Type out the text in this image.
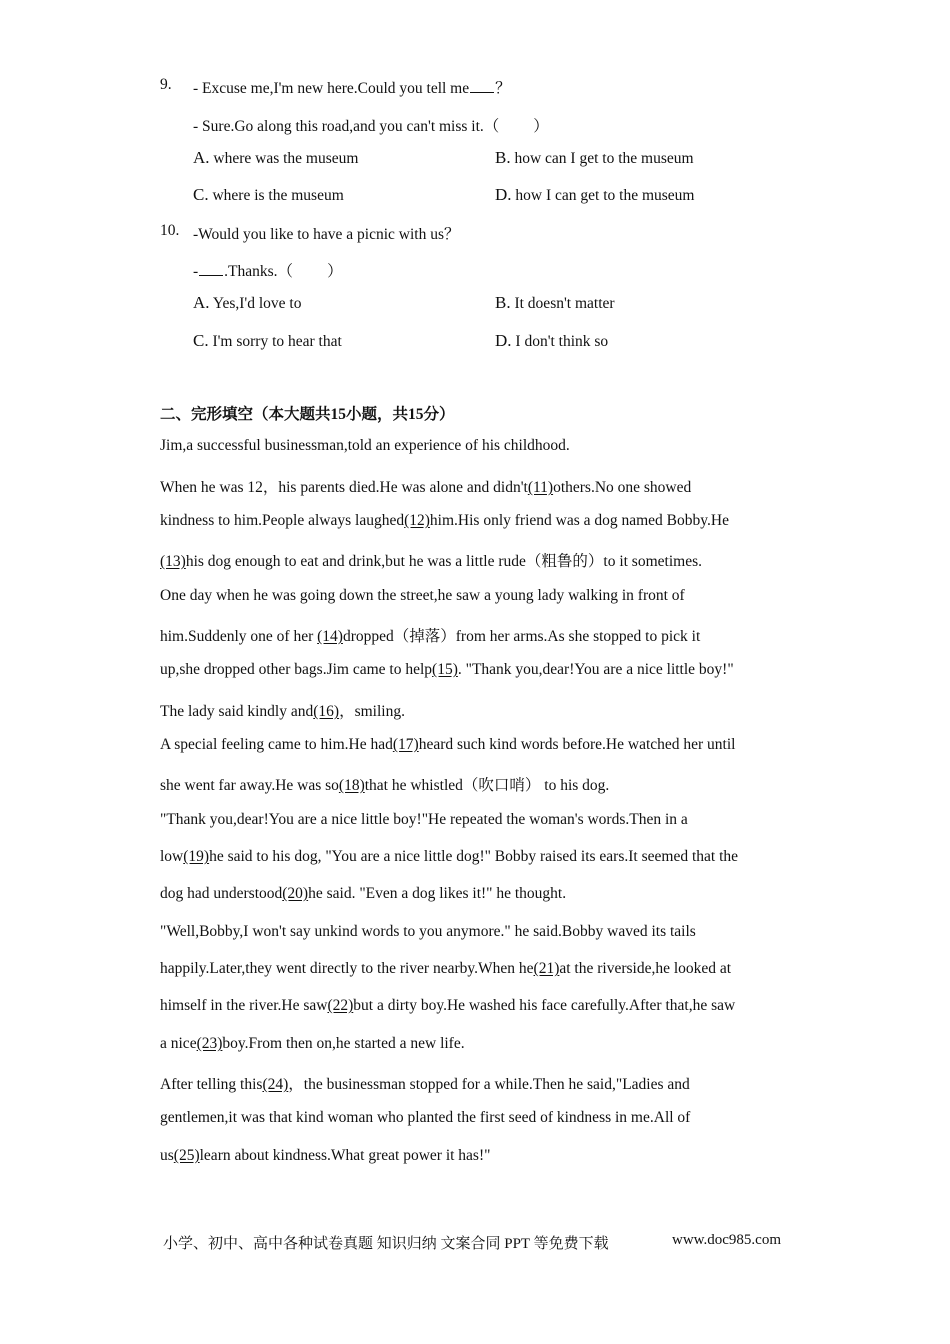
9. - Excuse me,I'm new here.Could you tell me ？
- Sure.Go along this road,and you can't miss it.（ ）
A. where was the museum	B. how can I get to the museum
C. where is the museum	D. how I can get to the museum
10. -Would you like to have a picnic with us？
- .Thanks.（ ）
A. Yes,I'd love to	B. It doesn't matter
C. I'm sorry to hear that	D. I don't think so
二、完形填空（本大题共15小题，共15分）
Jim,a successful businessman,told an experience of his childhood.
When he was 12，his parents died.He was alone and didn't(11)others.No one showed
kindness to him.People always laughed(12)him.His only friend was a dog named Bobby.He
(13)his dog enough to eat and drink,but he was a little rude（粗鲁的）to it sometimes.
One day when he was going down the street,he saw a young lady walking in front of
him.Suddenly one of her (14)dropped（掉落）from her arms.As she stopped to pick it
up,she dropped other bags.Jim came to help(15). "Thank you,dear!You are a nice little boy!"
The lady said kindly and(16)，smiling.
A special feeling came to him.He had(17)heard such kind words before.He watched her until
she went far away.He was so(18)that he whistled（吹口哨） to his dog.
"Thank you,dear!You are a nice little boy!"He repeated the woman's words.Then in a
low(19)he said to his dog, "You are a nice little dog!" Bobby raised its ears.It seemed that the
dog had understood(20)he said. "Even a dog likes it!" he thought.
"Well,Bobby,I won't say unkind words to you anymore." he said.Bobby waved its tails
happily.Later,they went directly to the river nearby.When he(21)at the riverside,he looked at
himself in the river.He saw(22)but a dirty boy.He washed his face carefully.After that,he saw
a nice(23)boy.From then on,he started a new life.
After telling this(24)，the businessman stopped for a while.Then he said,"Ladies and
gentlemen,it was that kind woman who planted the first seed of kindness in me.All of
us(25)learn about kindness.What great power it has!"
小学、初中、高中各种试卷真题 知识归纳 文案合同 PPT 等免费下载	www.doc985.com
